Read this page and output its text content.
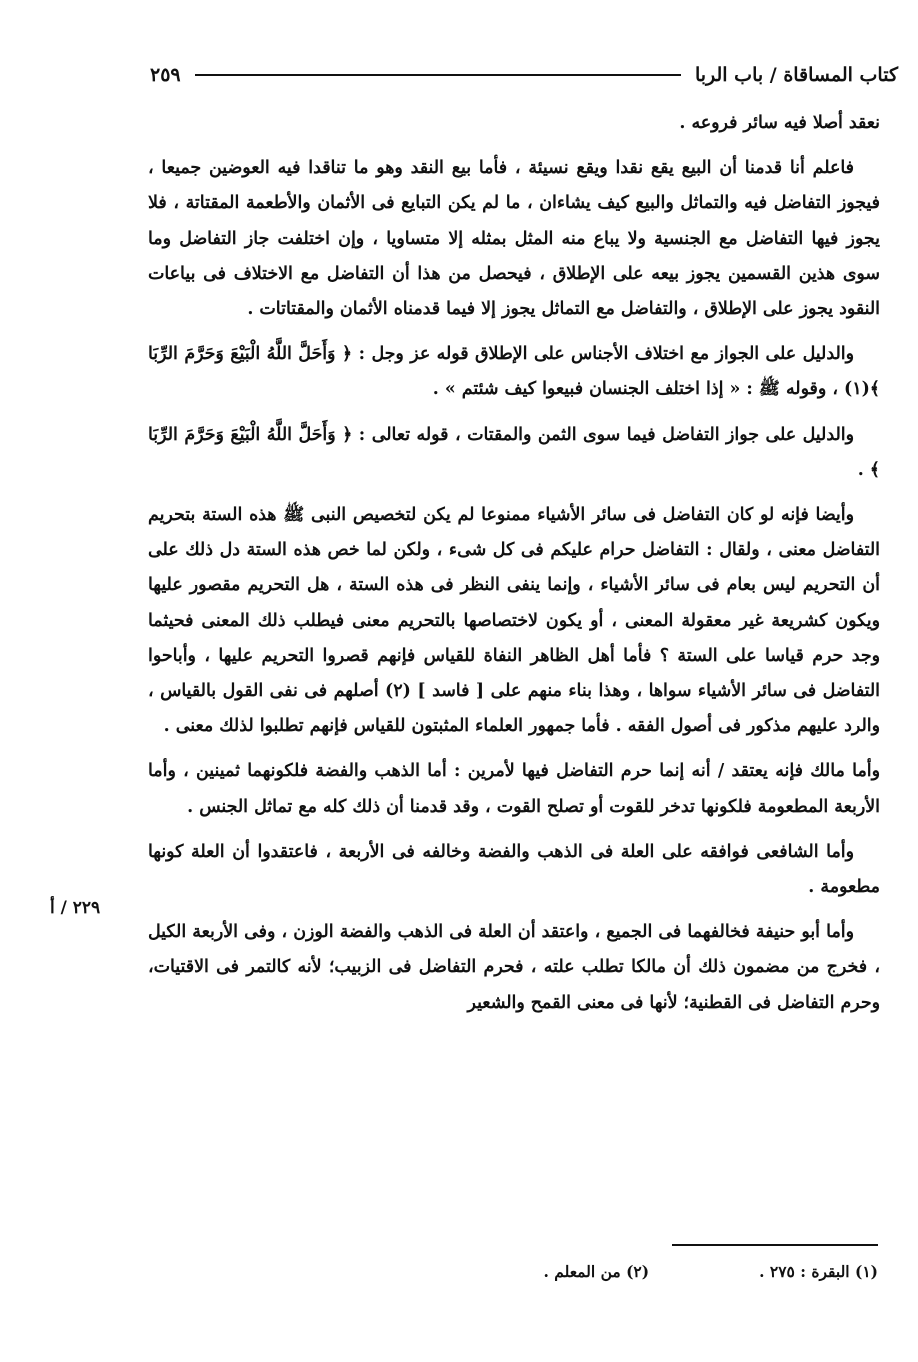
كتاب المساقاة / باب الربا
٢٥٩

نعقد أصلا فيه سائر فروعه .

فاعلم أنا قدمنا أن البيع يقع نقدا ويقع نسيئة ، فأما بيع النقد وهو ما تناقدا فيه العوضين جميعا ، فيجوز التفاضل فيه والتماثل والبيع كيف يشاءان ، ما لم يكن التبايع فى الأثمان والأطعمة المقتاتة ، فلا يجوز فيها التفاضل مع الجنسية ولا يباع منه المثل بمثله إلا متساويا ، وإن اختلفت جاز التفاضل وما سوى هذين القسمين يجوز بيعه على الإطلاق ، فيحصل من هذا أن التفاضل مع الاختلاف فى بياعات النقود يجوز على الإطلاق ، والتفاضل مع التماثل يجوز إلا فيما قدمناه الأثمان والمقتاتات .

والدليل على الجواز مع اختلاف الأجناس على الإطلاق قوله عز وجل : ﴿ وَأَحَلَّ اللَّهُ الْبَيْعَ وَحَرَّمَ الرِّبَا ﴾(١) ، وقوله ﷺ : « إذا اختلف الجنسان فبيعوا كيف شئتم » .

والدليل على جواز التفاضل فيما سوى الثمن والمقتات ، قوله تعالى : ﴿ وَأَحَلَّ اللَّهُ الْبَيْعَ وَحَرَّمَ الرِّبَا ﴾ .

وأيضا فإنه لو كان التفاضل فى سائر الأشياء ممنوعا لم يكن لتخصيص النبى ﷺ هذه الستة بتحريم التفاضل معنى ، ولقال : التفاضل حرام عليكم فى كل شىء ، ولكن لما خص هذه الستة دل ذلك على أن التحريم ليس بعام فى سائر الأشياء ، وإنما ينفى النظر فى هذه الستة ، هل التحريم مقصور عليها ويكون كشريعة غير معقولة المعنى ، أو يكون لاختصاصها بالتحريم معنى فيطلب ذلك المعنى فحيثما وجد حرم قياسا على الستة ؟ فأما أهل الظاهر النفاة للقياس فإنهم قصروا التحريم عليها ، وأباحوا التفاضل فى سائر الأشياء سواها ، وهذا بناء منهم على [ فاسد ] (٢) أصلهم فى نفى القول بالقياس ، والرد عليهم مذكور فى أصول الفقه . فأما جمهور العلماء المثبتون للقياس فإنهم تطلبوا لذلك معنى .

وأما مالك فإنه يعتقد / أنه إنما حرم التفاضل فيها لأمرين : أما الذهب والفضة فلكونهما ثمينين ، وأما الأربعة المطعومة فلكونها تدخر للقوت أو تصلح القوت ، وقد قدمنا أن ذلك كله مع تماثل الجنس .

وأما الشافعى فوافقه على العلة فى الذهب والفضة وخالفه فى الأربعة ، فاعتقدوا أن العلة كونها مطعومة .

وأما أبو حنيفة فخالفهما فى الجميع ، واعتقد أن العلة فى الذهب والفضة الوزن ، وفى الأربعة الكيل ، فخرج من مضمون ذلك أن مالكا تطلب علته ، فحرم التفاضل فى الزبيب؛ لأنه كالتمر فى الاقتيات، وحرم التفاضل فى القطنية؛ لأنها فى معنى القمح والشعير

٢٢٩ / أ
(١) البقرة : ٢٧٥ .
(٢) من المعلم .
